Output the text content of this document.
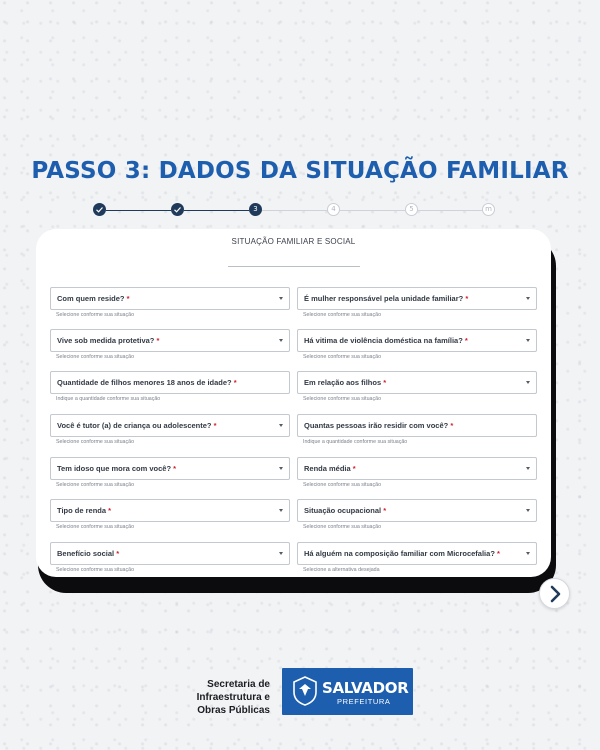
PASSO 3: DADOS DA SITUAÇÃO FAMILIAR
3	4	5	m
SITUAÇÃO FAMILIAR E SOCIAL
Com quem reside? *
Selecione conforme sua situação
É mulher responsável pela unidade familiar? *
Selecione conforme sua situação
Vive sob medida protetiva? *
Selecione conforme sua situação
Há vitima de violência doméstica na família? *
Selecione conforme sua situação
Quantidade de filhos menores 18 anos de idade? *
Indique a quantidade conforme sua situação
Em relação aos filhos *
Selecione conforme sua situação
Você é tutor (a) de criança ou adolescente? *
Selecione conforme sua situação
Quantas pessoas irão residir com você? *
Indique a quantidade conforme sua situação
Tem idoso que mora com você? *
Selecione conforme sua situação
Renda média *
Selecione conforme sua situação
Tipo de renda *
Selecione conforme sua situação
Situação ocupacional *
Selecione conforme sua situação
Benefício social *
Selecione conforme sua situação
Há alguém na composição familiar com Microcefalia? *
Selecione a alternativa desejada
Secretaria de
Infraestrutura e
Obras Públicas
SALVADOR
PREFEITURA
